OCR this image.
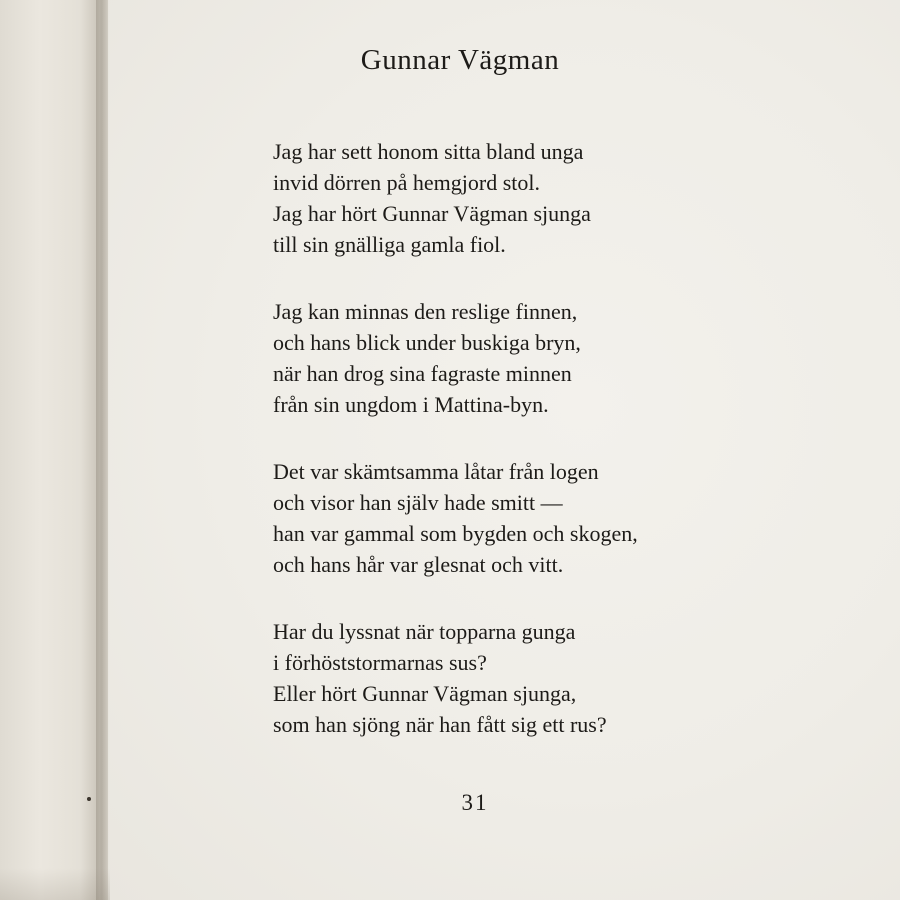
Gunnar Vägman
Jag har sett honom sitta bland unga
invid dörren på hemgjord stol.
Jag har hört Gunnar Vägman sjunga
till sin gnälliga gamla fiol.
Jag kan minnas den reslige finnen,
och hans blick under buskiga bryn,
när han drog sina fagraste minnen
från sin ungdom i Mattina-byn.
Det var skämtsamma låtar från logen
och visor han själv hade smitt —
han var gammal som bygden och skogen,
och hans hår var glesnat och vitt.
Har du lyssnat när topparna gunga
i förhöststormarnas sus?
Eller hört Gunnar Vägman sjunga,
som han sjöng när han fått sig ett rus?
31
